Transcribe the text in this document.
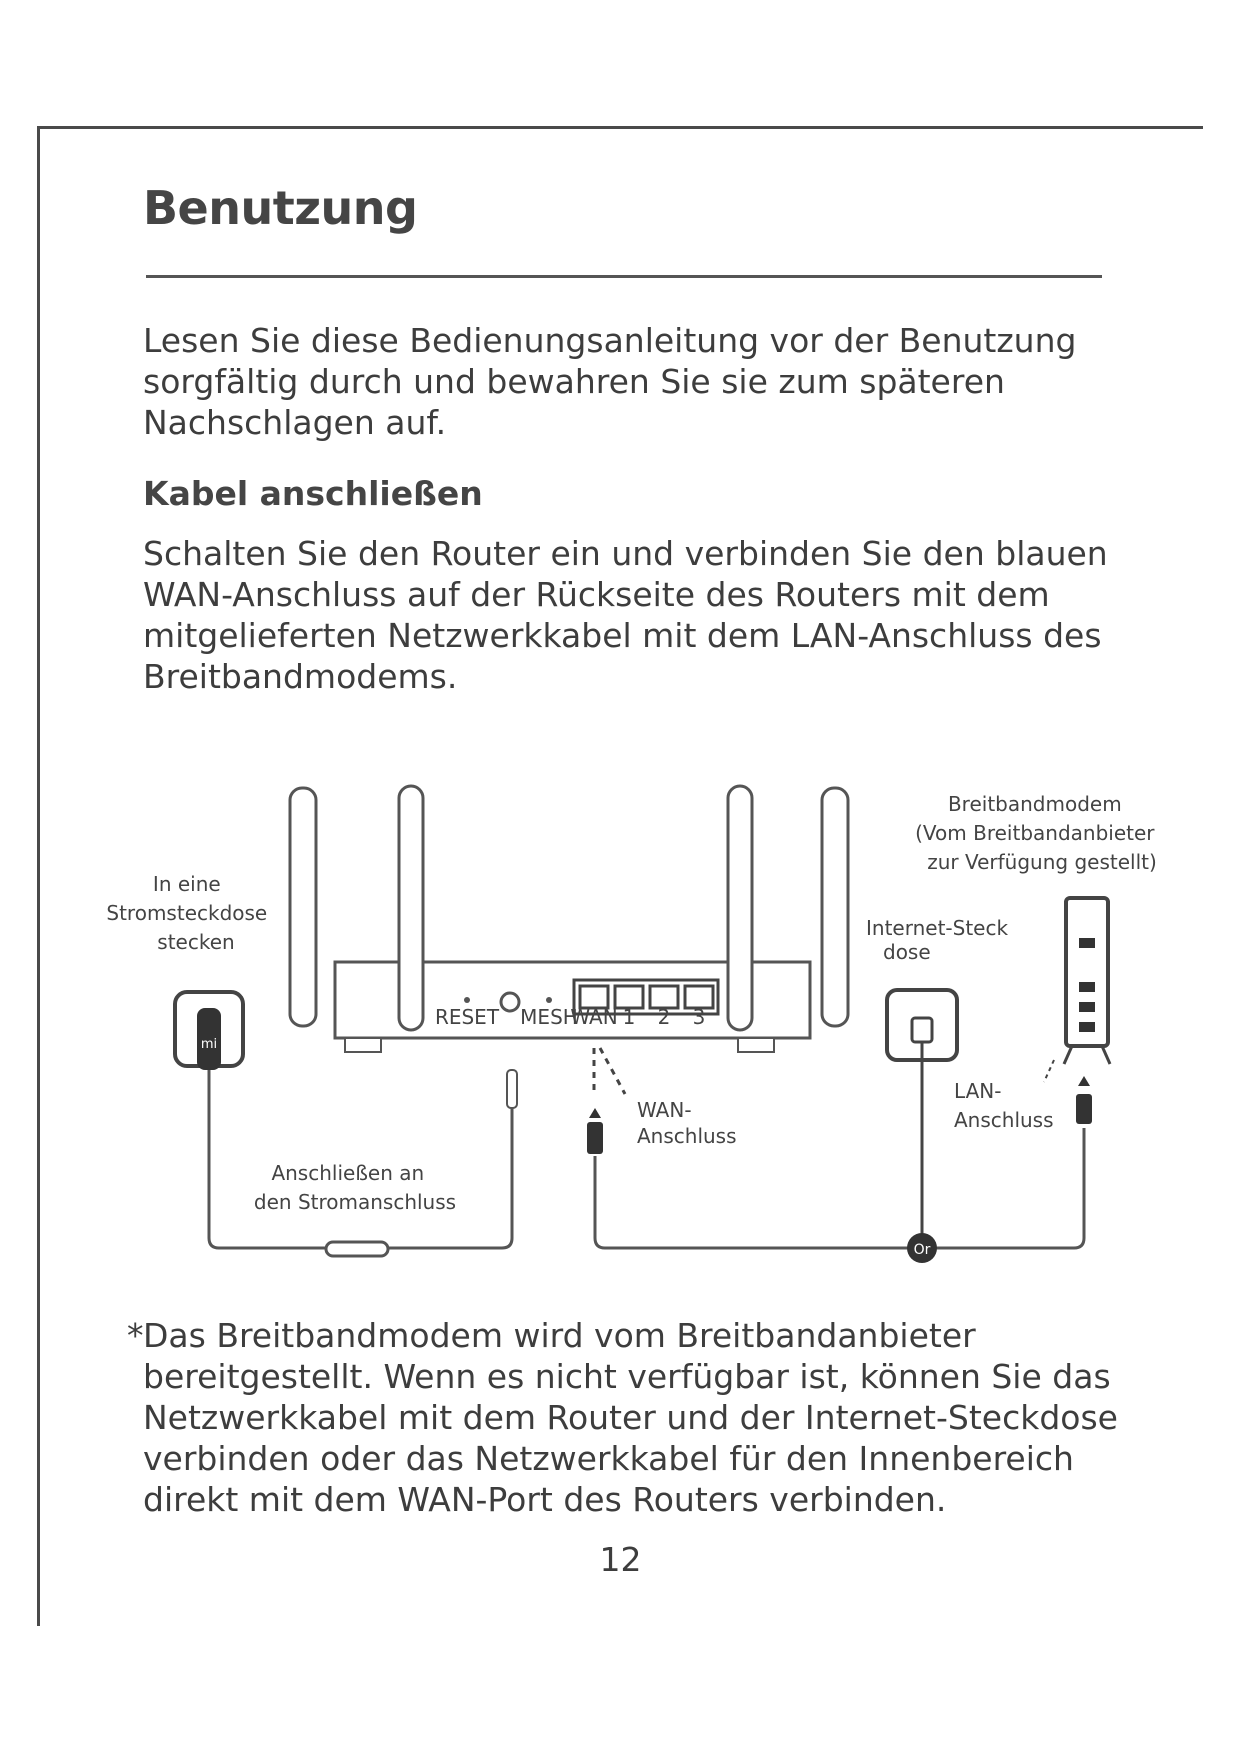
Benutzung

Lesen Sie diese Bedienungsanleitung vor der Benutzung sorgfältig durch und bewahren Sie sie zum späteren Nachschlagen auf.

Kabel anschließen

Schalten Sie den Router ein und verbinden Sie den blauen WAN-Anschluss auf der Rückseite des Routers mit dem mitgelieferten Netzwerkkabel mit dem LAN-Anschluss des Breitbandmodems.

RESET MESH
WAN 1 2 3
mi
Or
Breitbandmodem (Vom Breitbandanbieter zur Verfügung gestellt)
In eine Stromsteckdose stecken
Internet-Steck dose
WAN- Anschluss
LAN- Anschluss
Anschließen an den Stromanschluss

*Das Breitbandmodem wird vom Breitbandanbieter

bereitgestellt. Wenn es nicht verfügbar ist, können Sie das Netzwerkkabel mit dem Router und der Internet-Steckdose verbinden oder das Netzwerkkabel für den Innenbereich direkt mit dem WAN-Port des Routers verbinden.

12
